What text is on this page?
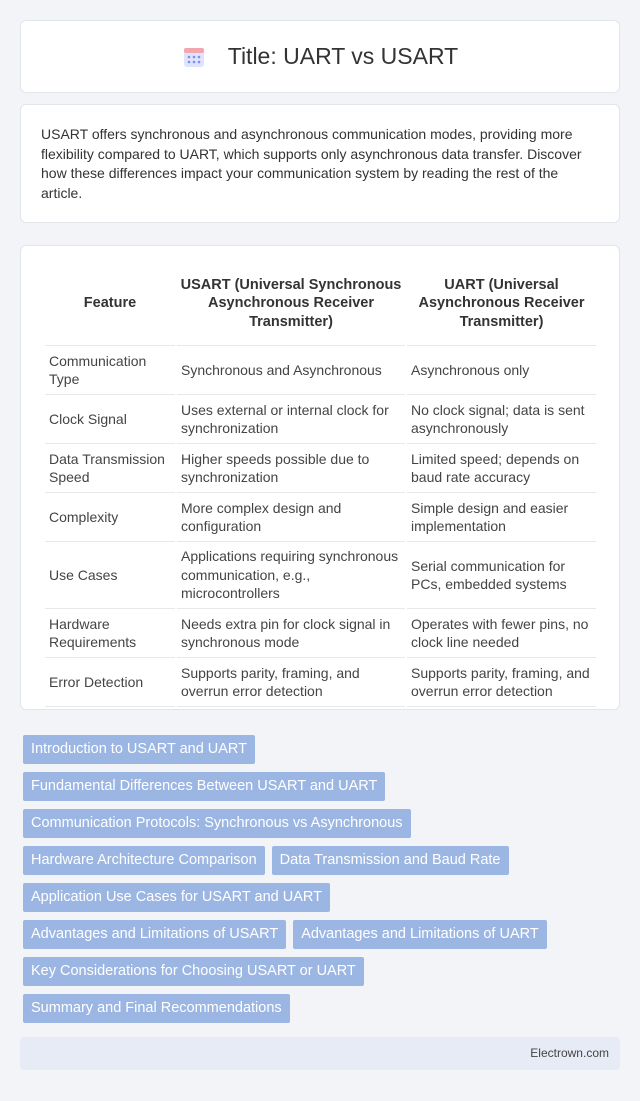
Title: UART vs USART

USART offers synchronous and asynchronous communication modes, providing more flexibility compared to UART, which supports only asynchronous data transfer. Discover how these differences impact your communication system by reading the rest of the article.

Feature	USART (Universal Synchronous Asynchronous Receiver Transmitter)	UART (Universal Asynchronous Receiver Transmitter)
Communication Type	Synchronous and Asynchronous	Asynchronous only
Clock Signal	Uses external or internal clock for synchronization	No clock signal; data is sent asynchronously
Data Transmission Speed	Higher speeds possible due to synchronization	Limited speed; depends on baud rate accuracy
Complexity	More complex design and configuration	Simple design and easier implementation
Use Cases	Applications requiring synchronous communication, e.g., microcontrollers	Serial communication for PCs, embedded systems
Hardware Requirements	Needs extra pin for clock signal in synchronous mode	Operates with fewer pins, no clock line needed
Error Detection	Supports parity, framing, and overrun error detection	Supports parity, framing, and overrun error detection
Introduction to USART and UART
Fundamental Differences Between USART and UART
Communication Protocols: Synchronous vs Asynchronous
Hardware Architecture Comparison	Data Transmission and Baud Rate
Application Use Cases for USART and UART
Advantages and Limitations of USART	Advantages and Limitations of UART
Key Considerations for Choosing USART or UART
Summary and Final Recommendations
Electrown.com
